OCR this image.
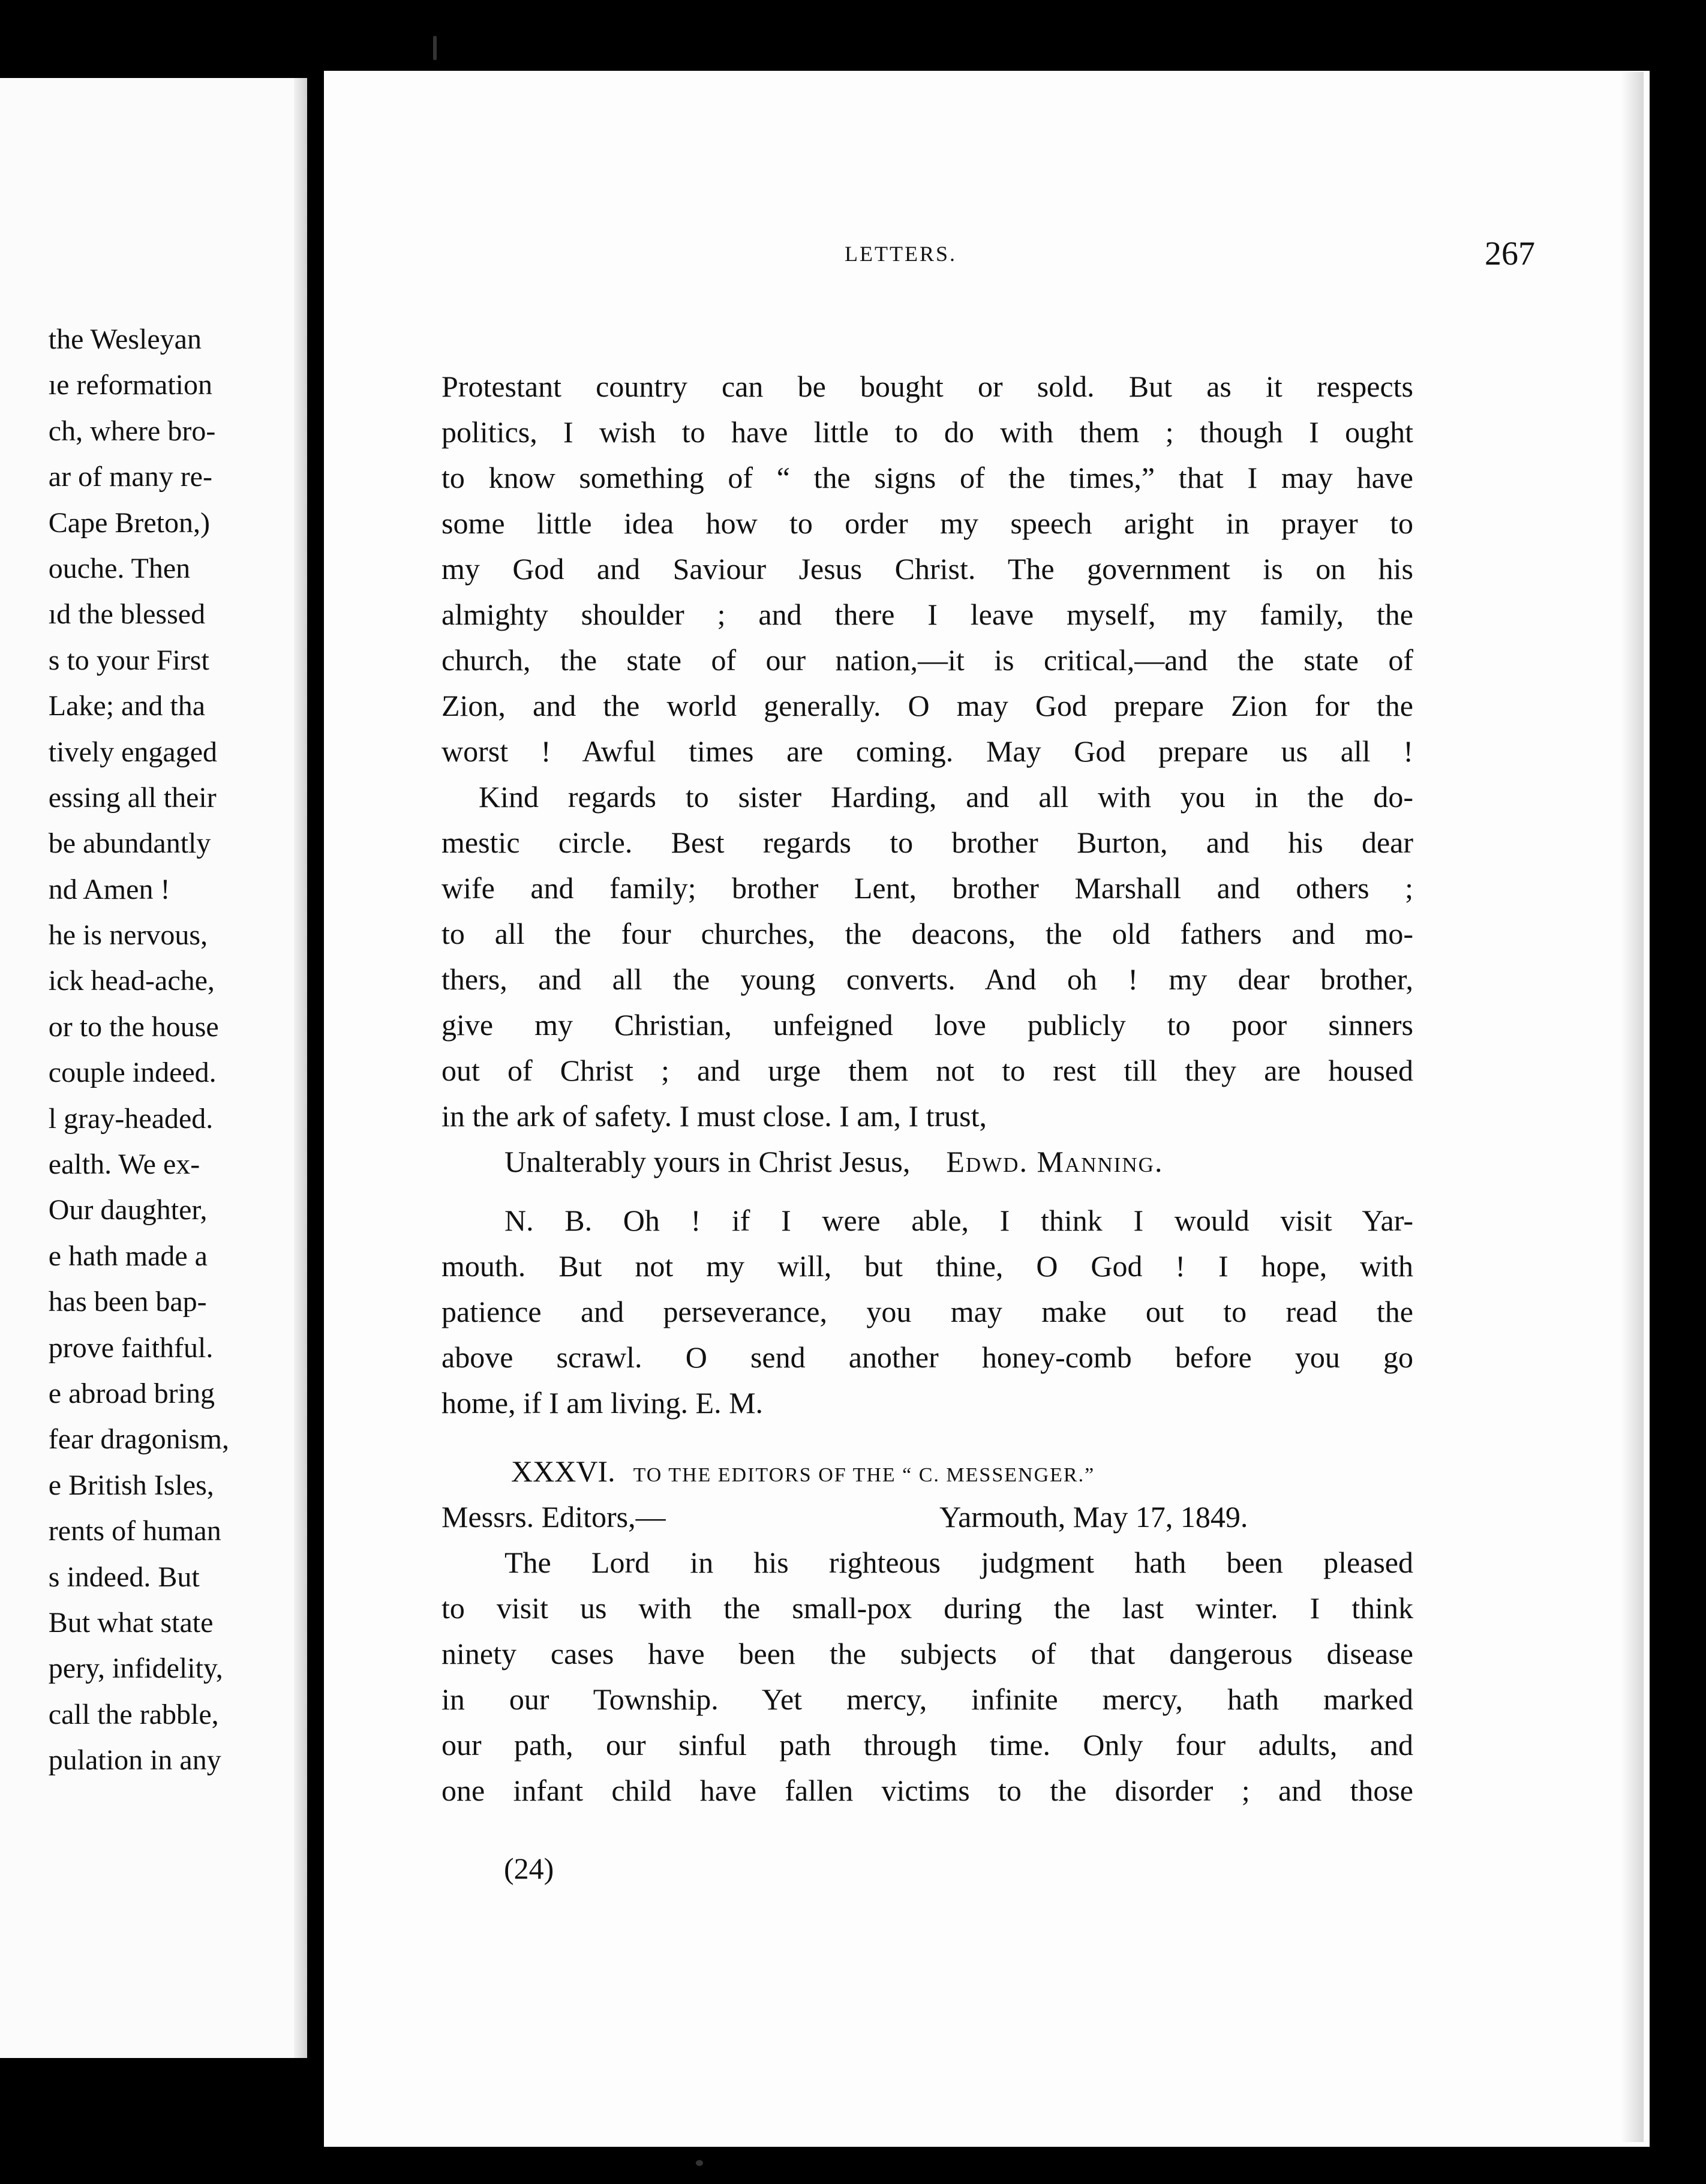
the Wesleyan
ıe reformation
ch, where bro-
ar of many re-
Cape Breton,)
ouche. Then
ıd the blessed
s to your First
Lake; and tha
tively engaged
essing all their
be abundantly
nd Amen !
he is nervous,
ick head-ache,
or to the house
couple indeed.
l gray-headed.
ealth. We ex-
Our daughter,
e hath made a
has been bap-
prove faithful.
e abroad bring
fear dragonism,
e British Isles,
rents of human
s indeed. But
But what state
pery, infidelity,
call the rabble,
pulation in any
LETTERS.	267
Protestant country can be bought or sold. But as it respects
politics, I wish to have little to do with them ; though I ought
to know something of “ the signs of the times,” that I may have
some little idea how to order my speech aright in prayer to
my God and Saviour Jesus Christ. The government is on his
almighty shoulder ; and there I leave myself, my family, the
church, the state of our nation,—it is critical,—and the state of
Zion, and the world generally. O may God prepare Zion for the
worst ! Awful times are coming. May God prepare us all !
Kind regards to sister Harding, and all with you in the do-
mestic circle. Best regards to brother Burton, and his dear
wife and family; brother Lent, brother Marshall and others ;
to all the four churches, the deacons, the old fathers and mo-
thers, and all the young converts. And oh ! my dear brother,
give my Christian, unfeigned love publicly to poor sinners
out of Christ ; and urge them not to rest till they are housed
in the ark of safety. I must close. I am, I trust,
Unalterably yours in Christ Jesus, Edwd. Manning.
N. B. Oh ! if I were able, I think I would visit Yar-
mouth. But not my will, but thine, O God ! I hope, with
patience and perseverance, you may make out to read the
above scrawl. O send another honey-comb before you go
home, if I am living. E. M.
XXXVI. TO THE EDITORS OF THE “ C. MESSENGER.”
Messrs. Editors,—	Yarmouth, May 17, 1849.
The Lord in his righteous judgment hath been pleased
to visit us with the small-pox during the last winter. I think
ninety cases have been the subjects of that dangerous disease
in our Township. Yet mercy, infinite mercy, hath marked
our path, our sinful path through time. Only four adults, and
one infant child have fallen victims to the disorder ; and those
(24)
